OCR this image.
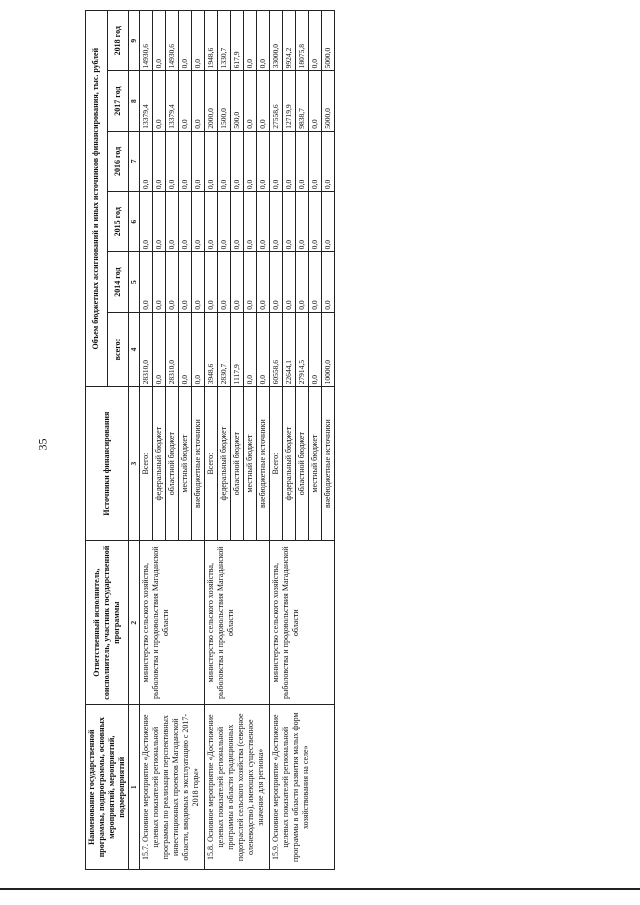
35
Наименование государственной программы, подпрограммы, основных мероприятий, мероприятий, подмероприятий	Ответственный исполнитель, соисполнитель, участник государственной программы	Источники финансирования	Объем бюджетных ассигнований и иных источников финансирования, тыс. рублей					
			всего:	2014 год	2015 год	2016 год	2017 год	2018 год
1	2	3	4	5	6	7	8	9
15.7. Основное мероприятие «Достижение целевых показателей региональной программы по реализации перспективных инвестиционных проектов Магаданской области, вводимых в эксплуатацию с 2017-2018 годы»	министерство сельского хозяйства, рыболовства и продовольствия Магаданской области	Всего:	28310,0	0,0	0,0	0,0	13379,4	14930,6
		федеральный бюджет	0,0	0,0	0,0	0,0	0,0	0,0
		областной бюджет	28310,0	0,0	0,0	0,0	13379,4	14930,6
		местный бюджет	0,0	0,0	0,0	0,0	0,0	0,0
		внебюджетные источники	0,0	0,0	0,0	0,0	0,0	0,0
15.8. Основное мероприятие «Достижение целевых показателей региональной программы в области традиционных подотраслей сельского хозяйства (северное оленеводство), имеющих существенное значение для региона»	министерство сельского хозяйства, рыболовства и продовольствия Магаданской области	Всего:	3948,6	0,0	0,0	0,0	2000,0	1948,6
		федеральный бюджет	2830,7	0,0	0,0	0,0	1500,0	1330,7
		областной бюджет	1117,9	0,0	0,0	0,0	500,0	617,9
		местный бюджет	0,0	0,0	0,0	0,0	0,0	0,0
		внебюджетные источники	0,0	0,0	0,0	0,0	0,0	0,0
15.9. Основное мероприятие «Достижение целевых показателей региональной программы в области развития малых форм хозяйствования на селе»	министерство сельского хозяйства, рыболовства и продовольствия Магаданской области	Всего:	60558,6	0,0	0,0	0,0	27558,6	33000,0
		федеральный бюджет	22644,1	0,0	0,0	0,0	12719,9	9924,2
		областной бюджет	27914,5	0,0	0,0	0,0	9838,7	18075,8
		местный бюджет	0,0	0,0	0,0	0,0	0,0	0,0
		внебюджетные источники	10000,0	0,0	0,0	0,0	5000,0	5000,0
